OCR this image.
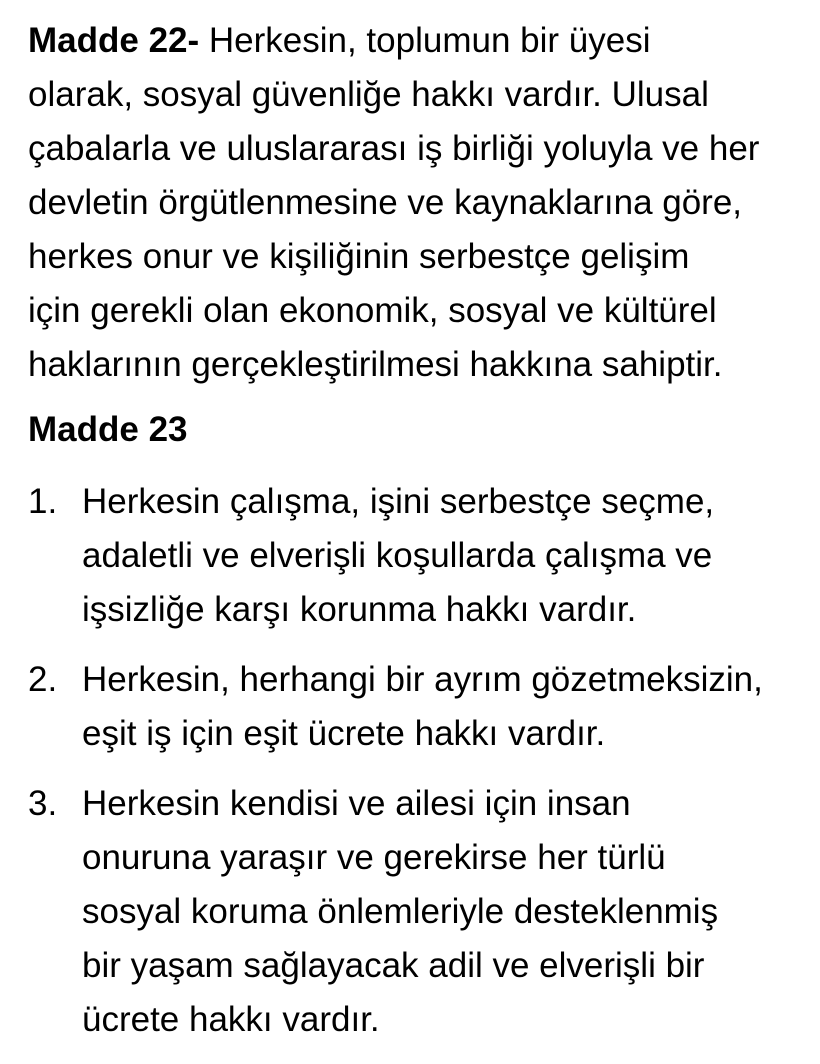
Madde 22- Herkesin, toplumun bir üyesi
olarak, sosyal güvenliğe hakkı vardır. Ulusal
çabalarla ve uluslararası iş birliği yoluyla ve her
devletin örgütlenmesine ve kaynaklarına göre,
herkes onur ve kişiliğinin serbestçe gelişim
için gerekli olan ekonomik, sosyal ve kültürel
haklarının gerçekleştirilmesi hakkına sahiptir.
Madde 23
1. Herkesin çalışma, işini serbestçe seçme,
adaletli ve elverişli koşullarda çalışma ve
işsizliğe karşı korunma hakkı vardır.
2. Herkesin, herhangi bir ayrım gözetmeksizin,
eşit iş için eşit ücrete hakkı vardır.
3. Herkesin kendisi ve ailesi için insan
onuruna yaraşır ve gerekirse her türlü
sosyal koruma önlemleriyle desteklenmiş
bir yaşam sağlayacak adil ve elverişli bir
ücrete hakkı vardır.
